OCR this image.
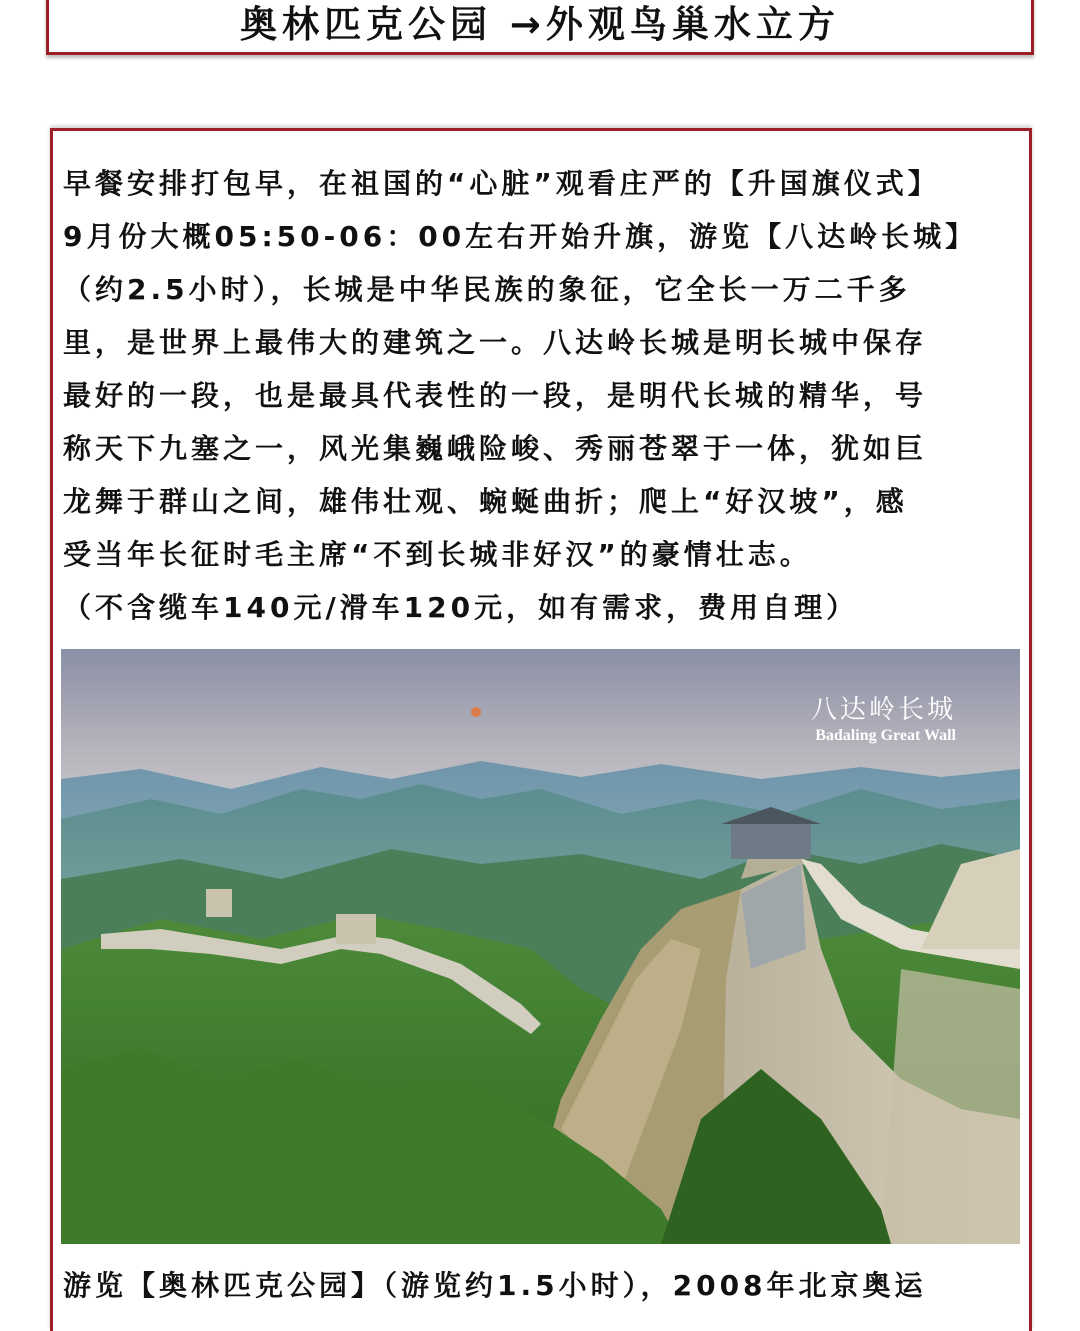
奥林匹克公园 →外观鸟巢水立方
早餐安排打包早，在祖国的“心脏”观看庄严的【升国旗仪式】
9月份大概05:50-06：00左右开始升旗，游览【八达岭长城】
（约2.5小时），长城是中华民族的象征，它全长一万二千多
里，是世界上最伟大的建筑之一。八达岭长城是明长城中保存
最好的一段，也是最具代表性的一段，是明代长城的精华，号
称天下九塞之一，风光集巍峨险峻、秀丽苍翠于一体，犹如巨
龙舞于群山之间，雄伟壮观、蜿蜒曲折；爬上“好汉坡”，感
受当年长征时毛主席“不到长城非好汉”的豪情壮志。
（不含缆车140元/滑车120元，如有需求，费用自理）
八达岭长城
Badaling Great Wall
游览【奥林匹克公园】（游览约1.5小时），2008年北京奥运
